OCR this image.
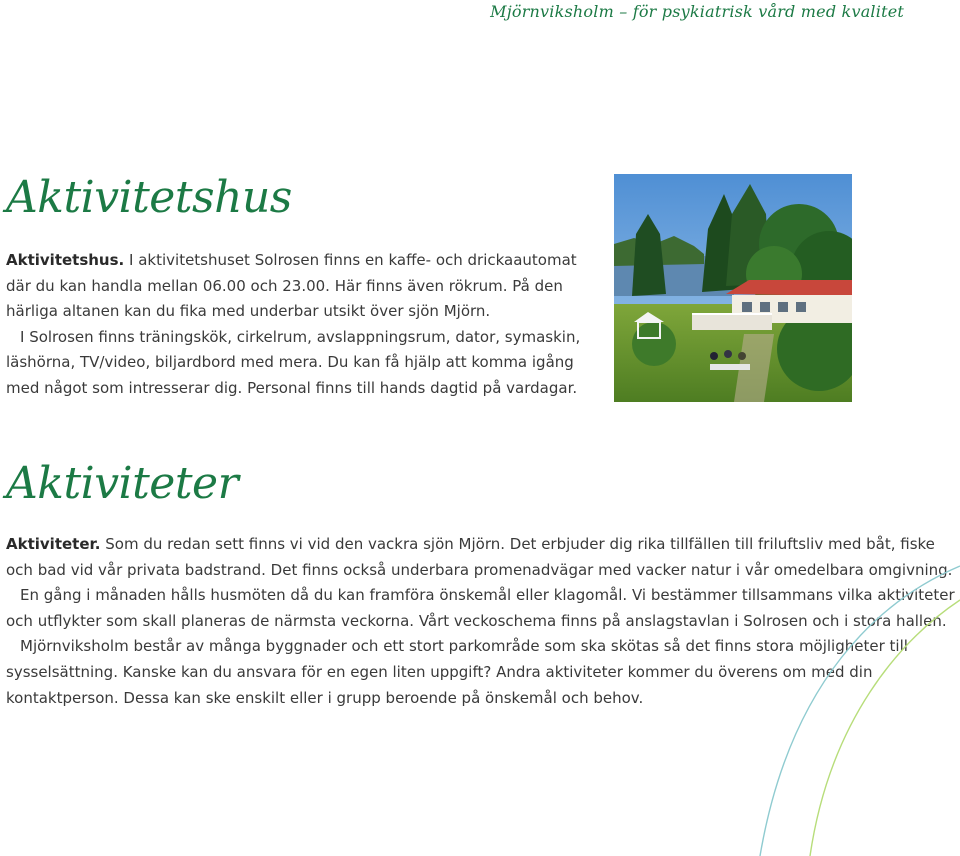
Mjörnviksholm – för psykiatrisk vård med kvalitet
Aktivitetshus

Aktivitetshus. I aktivitetshuset Solrosen finns en kaffe- och drickaautomat där du kan handla mellan 06.00 och 23.00. Här finns även rökrum. På den härliga altanen kan du fika med underbar utsikt över sjön Mjörn.

I Solrosen finns träningskök, cirkelrum, avslappningsrum, dator, symaskin, läshörna, TV/video, biljardbord med mera. Du kan få hjälp att komma igång med något som intresserar dig. Personal finns till hands dagtid på vardagar.

Aktiviteter

Aktiviteter. Som du redan sett finns vi vid den vackra sjön Mjörn. Det erbjuder dig rika tillfällen till friluftsliv med båt, fiske och bad vid vår privata badstrand. Det finns också underbara promenadvägar med vacker natur i vår omedelbara omgivning.

En gång i månaden hålls husmöten då du kan framföra önskemål eller klagomål. Vi bestämmer tillsammans vilka aktiviteter och utflykter som skall planeras de närmsta veckorna. Vårt veckoschema finns på anslagstavlan i Solrosen och i stora hallen.

Mjörnviksholm består av många byggnader och ett stort parkområde som ska skötas så det finns stora möjligheter till sysselsättning. Kanske kan du ansvara för en egen liten uppgift? Andra aktiviteter kommer du överens om med din kontaktperson. Dessa kan ske enskilt eller i grupp beroende på önskemål och behov.
